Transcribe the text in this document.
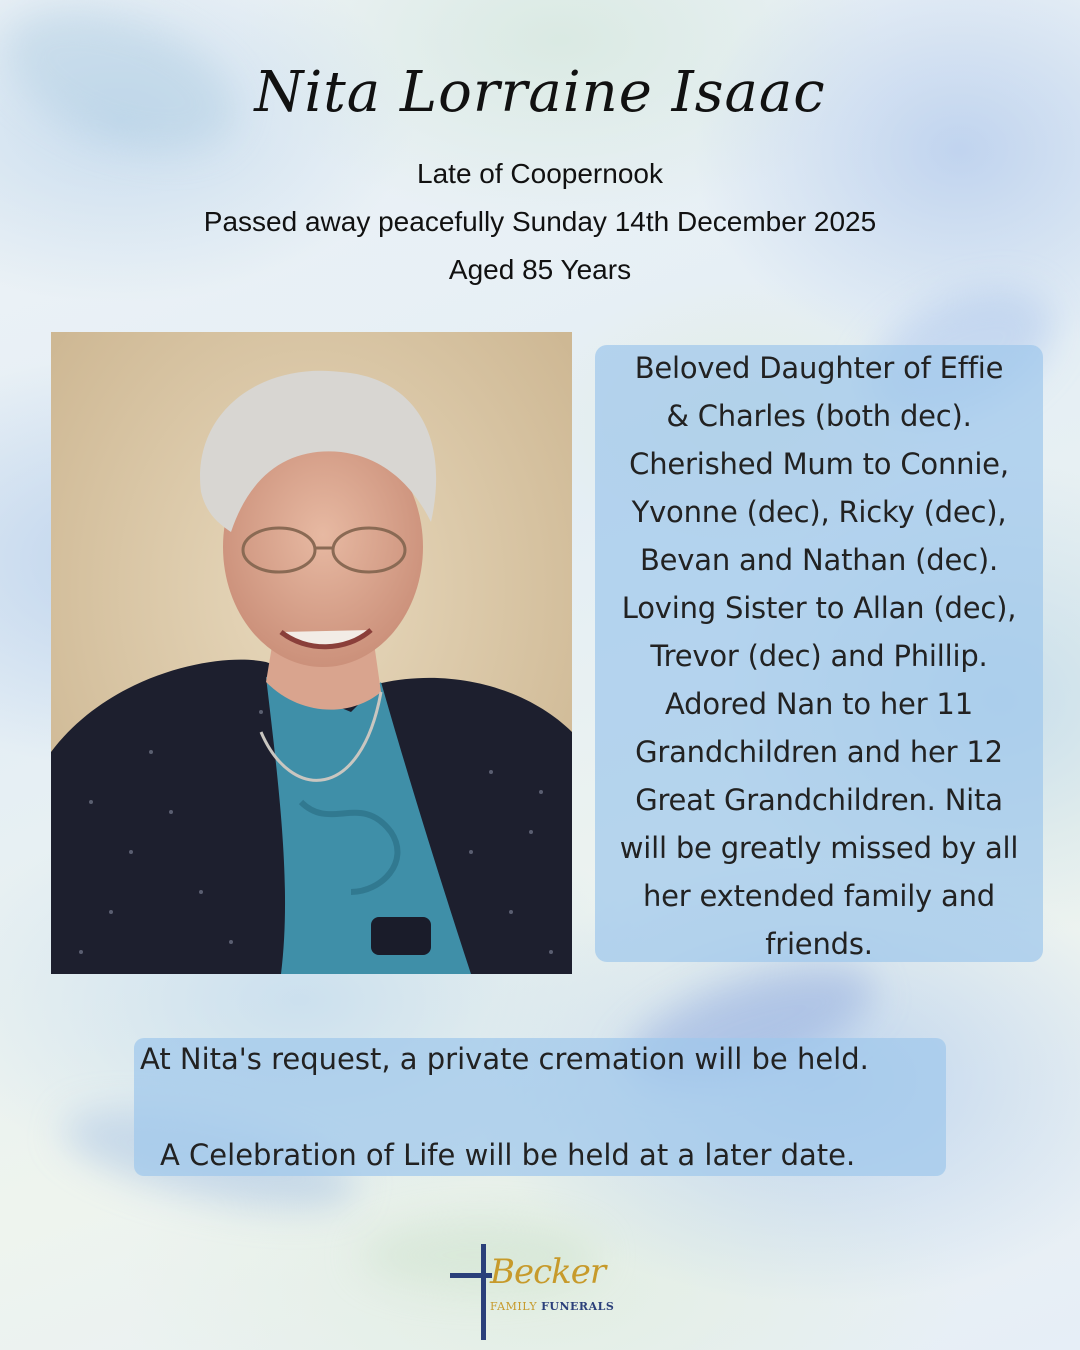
Nita Lorraine Isaac
Late of Coopernook
Passed away peacefully Sunday 14th December 2025
Aged 85 Years
Beloved Daughter of Effie
& Charles (both dec).
Cherished Mum to Connie,
Yvonne (dec), Ricky (dec),
Bevan and Nathan (dec).
Loving Sister to Allan (dec),
Trevor (dec) and Phillip.
Adored Nan to her 11
Grandchildren and her 12
Great Grandchildren. Nita
will be greatly missed by all
her extended family and
friends.
At Nita's request, a private cremation will be held.
A Celebration of Life will be held at a later date.
Becker
FAMILY FUNERALS
